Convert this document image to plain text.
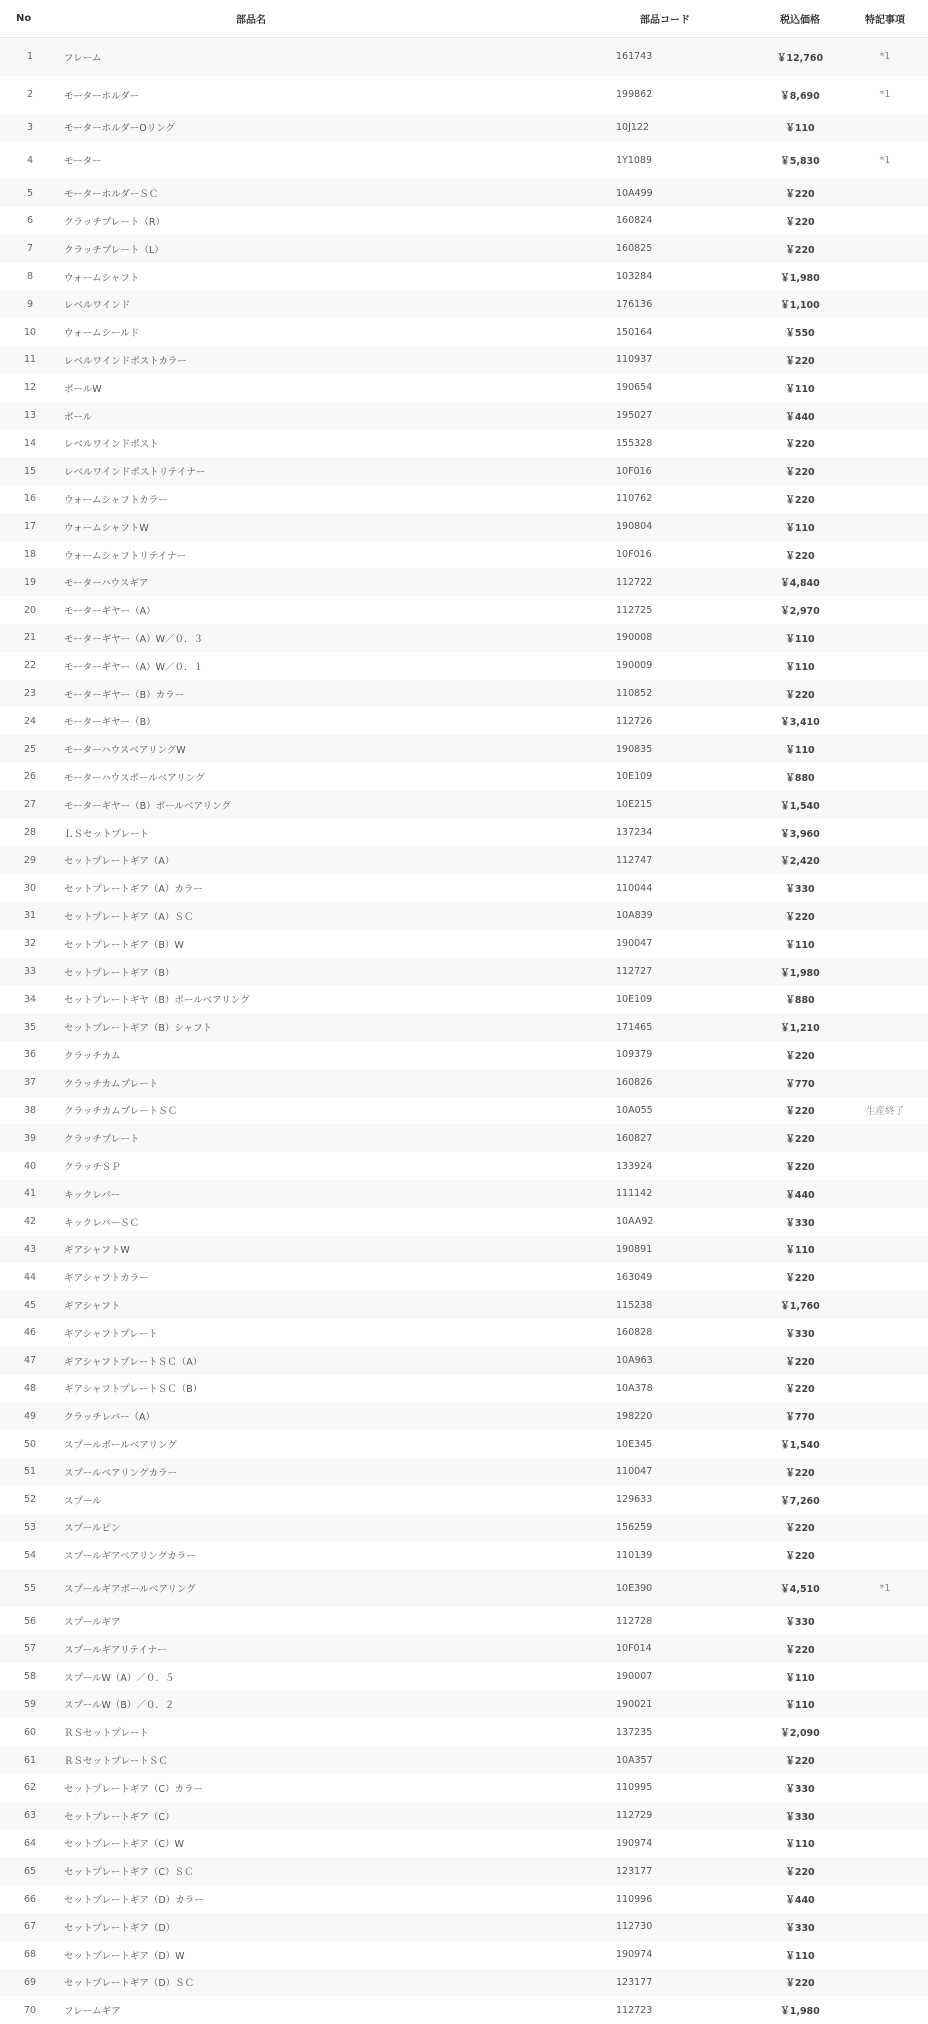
No	部品名	部品コード	税込価格	特記事項
1	フレーム	161743	￥12,760	*1
2	モーターホルダー	199862	￥8,690	*1
3	モーターホルダーOリング	10J122	￥110	
4	モーター	1Y1089	￥5,830	*1
5	モーターホルダーＳＣ	10A499	￥220	
6	クラッチプレート（R）	160824	￥220	
7	クラッチプレート（L）	160825	￥220	
8	ウォームシャフト	103284	￥1,980	
9	レベルワインド	176136	￥1,100	
10	ウォームシールド	150164	￥550	
11	レベルワインドポストカラー	110937	￥220	
12	ボールW	190654	￥110	
13	ボール	195027	￥440	
14	レベルワインドポスト	155328	￥220	
15	レベルワインドポストリテイナー	10F016	￥220	
16	ウォームシャフトカラー	110762	￥220	
17	ウォームシャフトW	190804	￥110	
18	ウォームシャフトリテイナー	10F016	￥220	
19	モーターハウスギア	112722	￥4,840	
20	モーターギヤー（A）	112725	￥2,970	
21	モーターギヤー（A）W／０．３	190008	￥110	
22	モーターギヤー（A）W／０．１	190009	￥110	
23	モーターギヤー（B）カラー	110852	￥220	
24	モーターギヤー（B）	112726	￥3,410	
25	モーターハウスベアリングW	190835	￥110	
26	モーターハウスボールベアリング	10E109	￥880	
27	モーターギヤー（B）ボールベアリング	10E215	￥1,540	
28	ＬＳセットプレート	137234	￥3,960	
29	セットプレートギア（A）	112747	￥2,420	
30	セットプレートギア（A）カラー	110044	￥330	
31	セットプレートギア（A）ＳＣ	10A839	￥220	
32	セットプレートギア（B）W	190047	￥110	
33	セットプレートギア（B）	112727	￥1,980	
34	セットプレートギヤ（B）ボールベアリング	10E109	￥880	
35	セットプレートギア（B）シャフト	171465	￥1,210	
36	クラッチカム	109379	￥220	
37	クラッチカムプレート	160826	￥770	
38	クラッチカムプレートＳＣ	10A055	￥220	生産終了
39	クラッチプレート	160827	￥220	
40	クラッチＳＰ	133924	￥220	
41	キックレバー	111142	￥440	
42	キックレバーＳＣ	10AA92	￥330	
43	ギアシャフトW	190891	￥110	
44	ギアシャフトカラー	163049	￥220	
45	ギアシャフト	115238	￥1,760	
46	ギアシャフトプレート	160828	￥330	
47	ギアシャフトプレートＳＣ（A）	10A963	￥220	
48	ギアシャフトプレートＳＣ（B）	10A378	￥220	
49	クラッチレバー（A）	198220	￥770	
50	スプールボールベアリング	10E345	￥1,540	
51	スプールベアリングカラー	110047	￥220	
52	スプール	129633	￥7,260	
53	スプールピン	156259	￥220	
54	スプールギアベアリングカラー	110139	￥220	
55	スプールギアボールベアリング	10E390	￥4,510	*1
56	スプールギア	112728	￥330	
57	スプールギアリテイナー	10F014	￥220	
58	スプールW（A）／０．５	190007	￥110	
59	スプールW（B）／０．２	190021	￥110	
60	ＲＳセットプレート	137235	￥2,090	
61	ＲＳセットプレートＳＣ	10A357	￥220	
62	セットプレートギア（C）カラー	110995	￥330	
63	セットプレートギア（C）	112729	￥330	
64	セットプレートギア（C）W	190974	￥110	
65	セットプレートギア（C）ＳＣ	123177	￥220	
66	セットプレートギア（D）カラー	110996	￥440	
67	セットプレートギア（D）	112730	￥330	
68	セットプレートギア（D）W	190974	￥110	
69	セットプレートギア（D）ＳＣ	123177	￥220	
70	フレームギア	112723	￥1,980	
